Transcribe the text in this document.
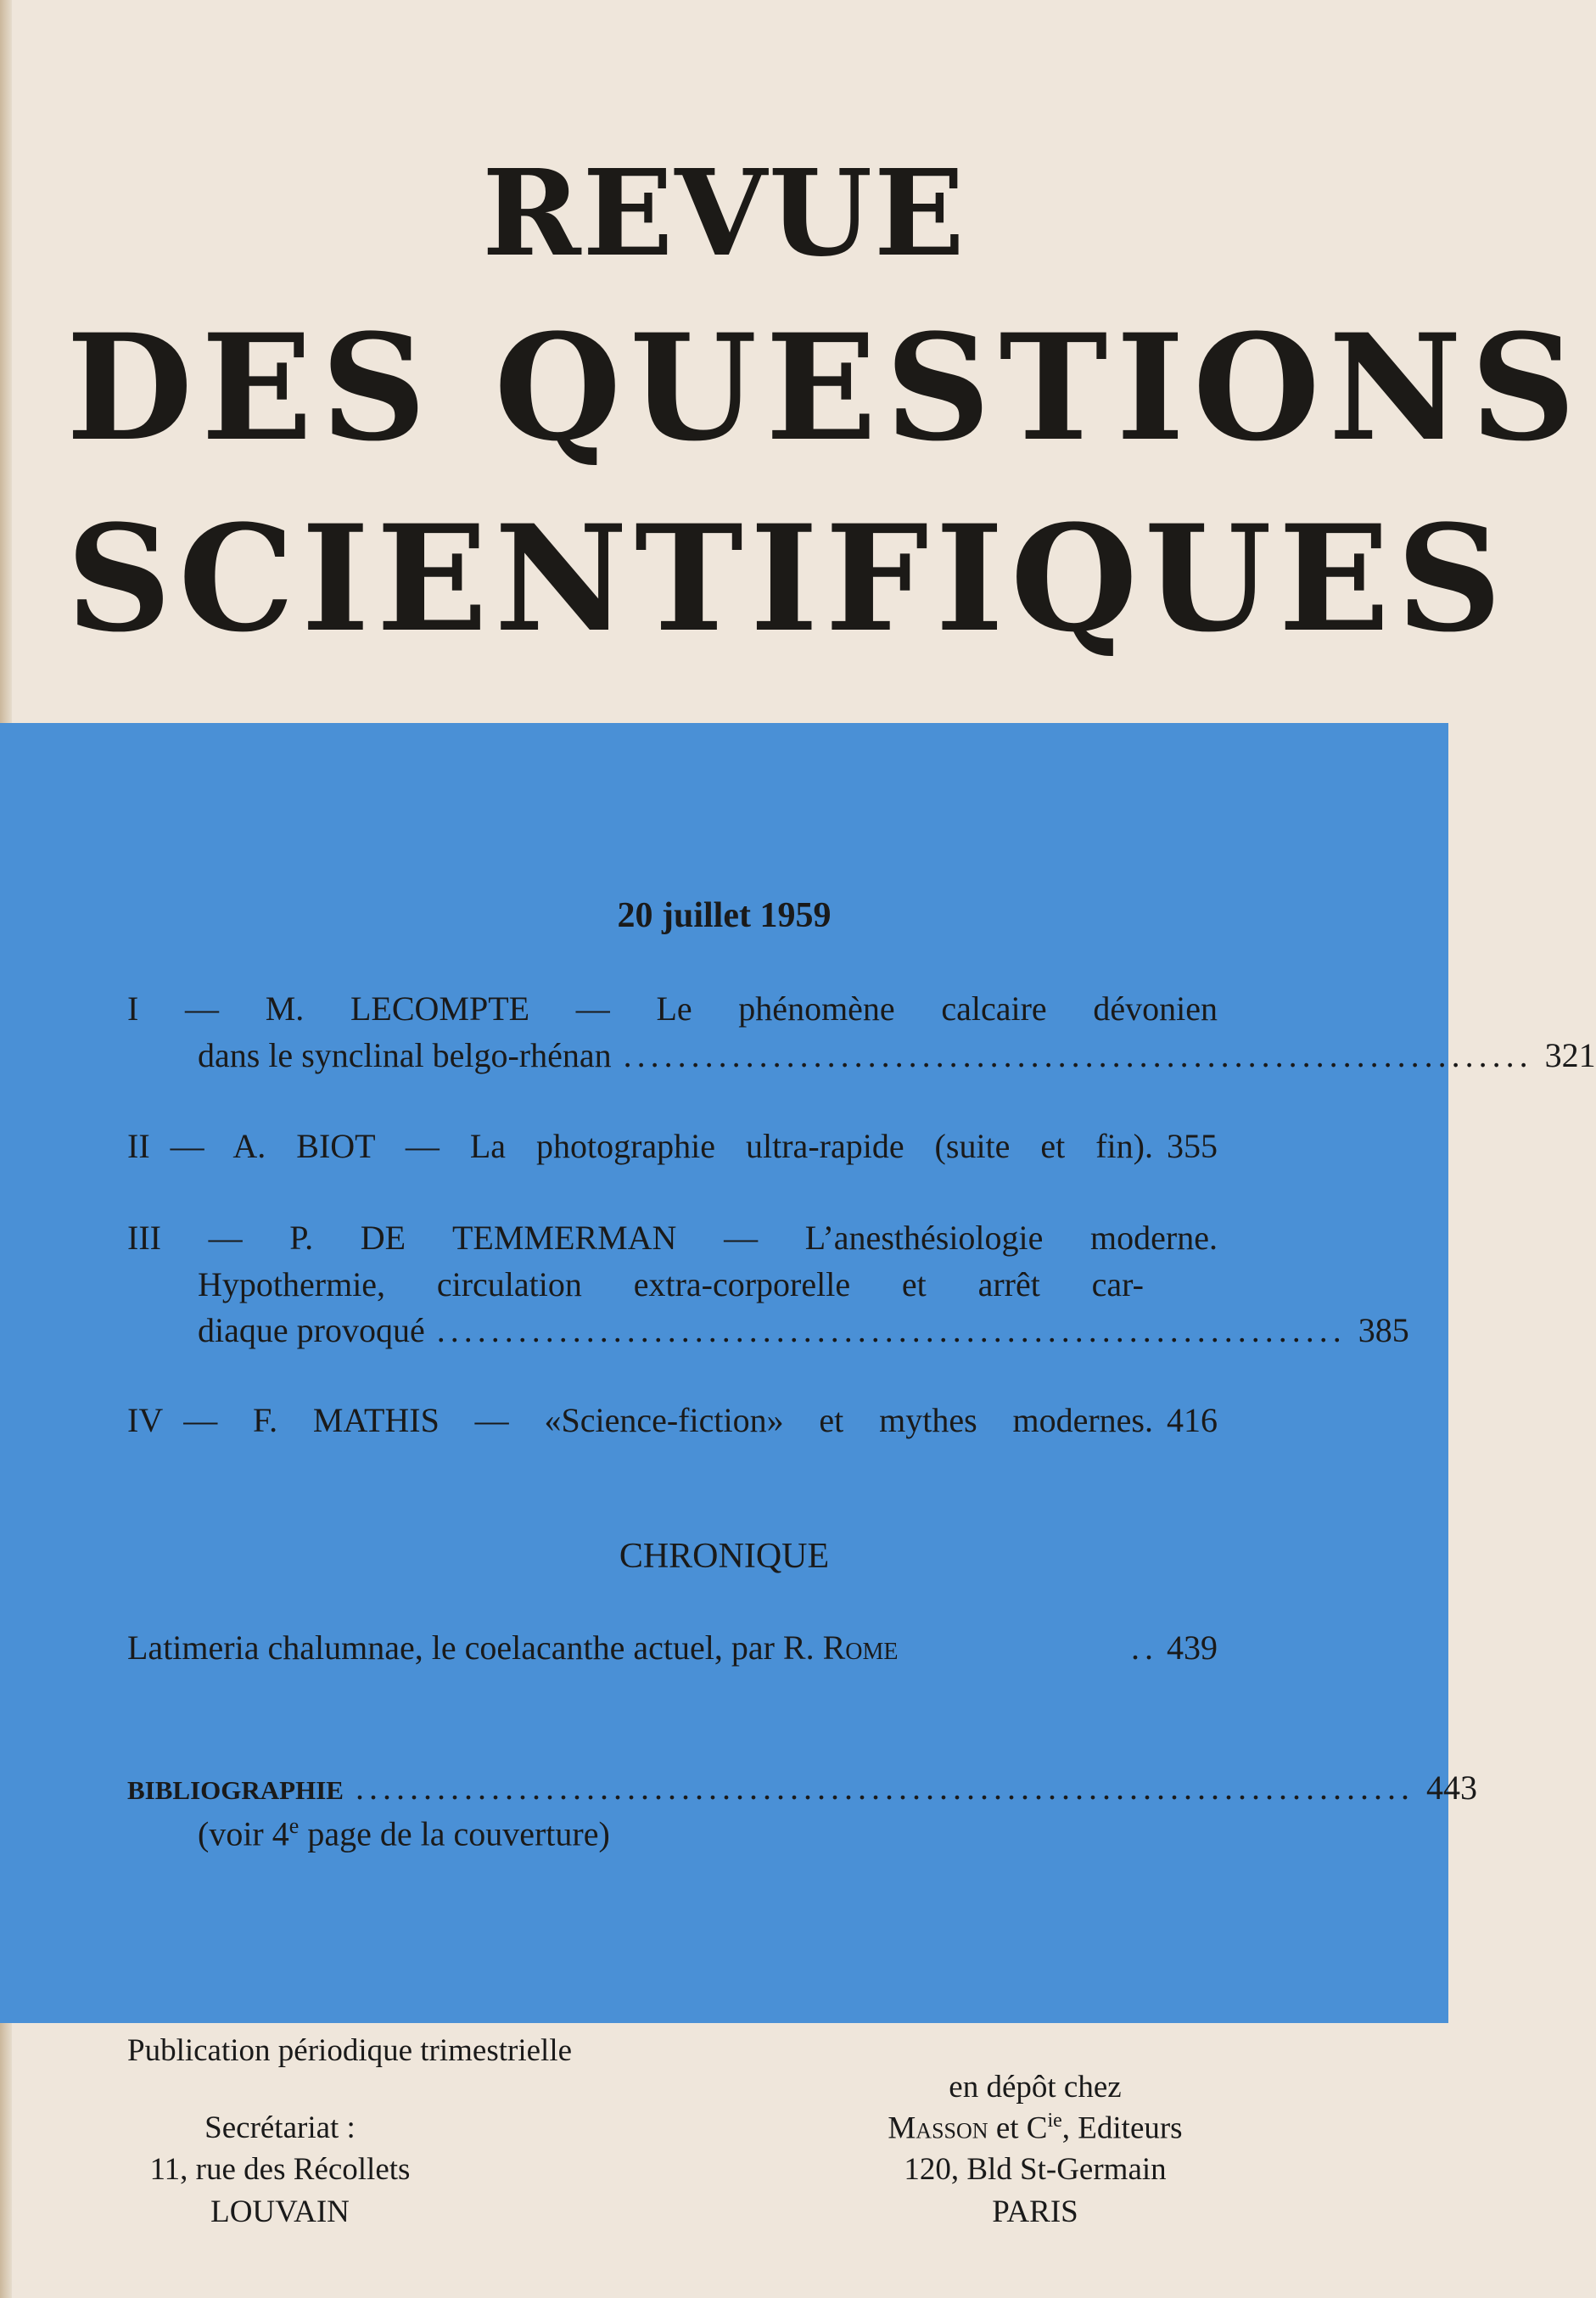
REVUE
DES QUESTIONS
SCIENTIFIQUES
20 juillet 1959
I — M. LECOMPTE — Le phénomène calcaire dévonien
dans le synclinal belgo-rhénan ................................................................... 321
II
— A. BIOT — La photographie ultra-rapide (suite et fin). 355
III — P. DE TEMMERMAN — L’anesthésiologie moderne.
Hypothermie, circulation extra-corporelle et arrêt car-
diaque provoqué ................................................................... 385
IV
— F. MATHIS — «Science-fiction» et mythes modernes. 416
CHRONIQUE
Latimeria chalumnae, le coelacanthe actuel, par R.
Rome	.. 439
BIBLIOGRAPHIE .............................................................................. 443
(voir 4e page de la couverture)
Publication périodique trimestrielle
Secrétariat :
11, rue des Récollets
LOUVAIN
en dépôt chez
Masson et $C^{ie}$, Editeurs
120, Bld St-Germain
PARIS
